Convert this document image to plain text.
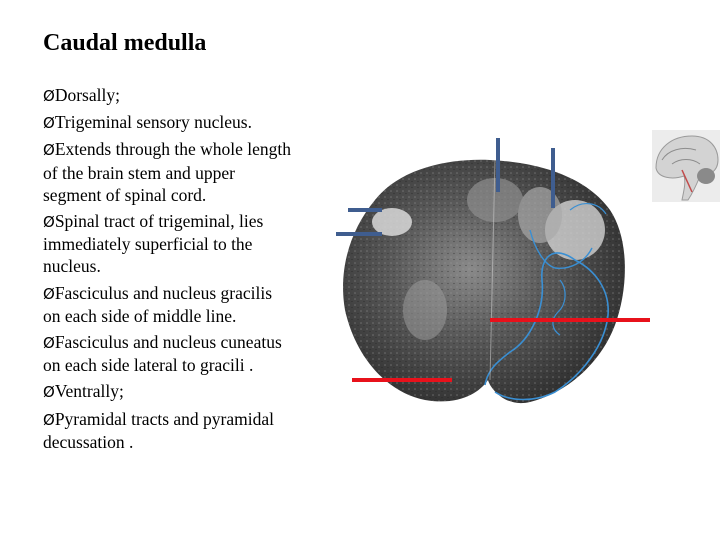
Caudal medulla

ØDorsally;

ØTrigeminal sensory nucleus.

ØExtends through the whole length of the brain stem and upper segment of spinal cord.

ØSpinal tract of trigeminal, lies immediately superficial to the nucleus.

ØFasciculus and nucleus gracilis on each side of middle line.

ØFasciculus and nucleus cuneatus on each side lateral to gracili .

ØVentrally;

ØPyramidal tracts and pyramidal decussation .
